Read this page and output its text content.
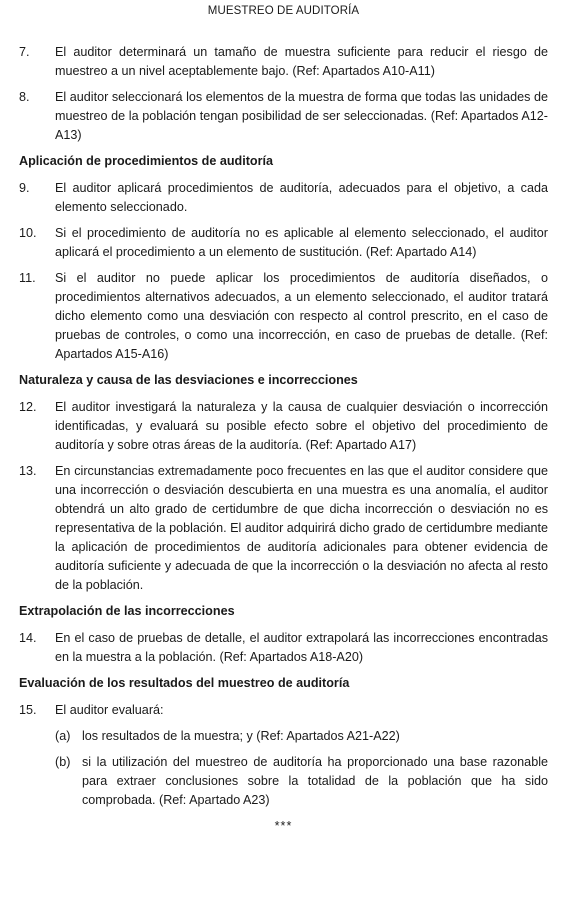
MUESTREO DE AUDITORÍA
7.	El auditor determinará un tamaño de muestra suficiente para reducir el riesgo de muestreo a un nivel aceptablemente bajo. (Ref: Apartados A10-A11)
8.	El auditor seleccionará los elementos de la muestra de forma que todas las unidades de muestreo de la población tengan posibilidad de ser seleccionadas. (Ref: Apartados A12-A13)
Aplicación de procedimientos de auditoría
9.	El auditor aplicará procedimientos de auditoría, adecuados para el objetivo, a cada elemento seleccionado.
10.	Si el procedimiento de auditoría no es aplicable al elemento seleccionado, el auditor aplicará el procedimiento a un elemento de sustitución. (Ref: Apartado A14)
11.	Si el auditor no puede aplicar los procedimientos de auditoría diseñados, o procedimientos alternativos adecuados, a un elemento seleccionado, el auditor tratará dicho elemento como una desviación con respecto al control prescrito, en el caso de pruebas de controles, o como una incorrección, en caso de pruebas de detalle. (Ref: Apartados A15-A16)
Naturaleza y causa de las desviaciones e incorrecciones
12.	El auditor investigará la naturaleza y la causa de cualquier desviación o incorrección identificadas, y evaluará su posible efecto sobre el objetivo del procedimiento de auditoría y sobre otras áreas de la auditoría. (Ref: Apartado A17)
13.	En circunstancias extremadamente poco frecuentes en las que el auditor considere que una incorrección o desviación descubierta en una muestra es una anomalía, el auditor obtendrá un alto grado de certidumbre de que dicha incorrección o desviación no es representativa de la población. El auditor adquirirá dicho grado de certidumbre mediante la aplicación de procedimientos de auditoría adicionales para obtener evidencia de auditoría suficiente y adecuada de que la incorrección o la desviación no afecta al resto de la población.
Extrapolación de las incorrecciones
14.	En el caso de pruebas de detalle, el auditor extrapolará las incorrecciones encontradas en la muestra a la población. (Ref: Apartados A18-A20)
Evaluación de los resultados del muestreo de auditoría
15.	El auditor evaluará:
(a) los resultados de la muestra; y (Ref: Apartados A21-A22)
(b) si la utilización del muestreo de auditoría ha proporcionado una base razonable para extraer conclusiones sobre la totalidad de la población que ha sido comprobada. (Ref: Apartado A23)
***
